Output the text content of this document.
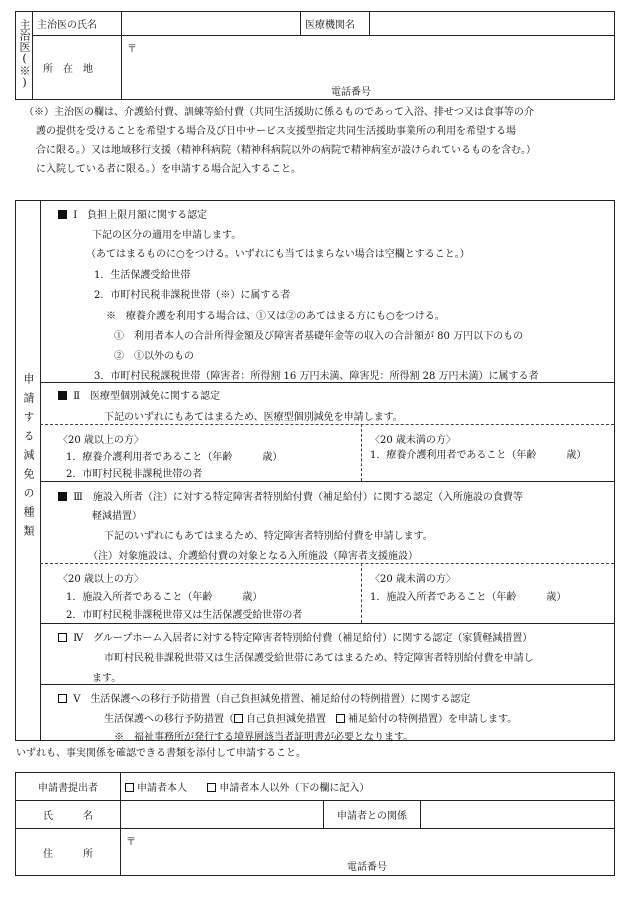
主治医(※)	主治医の氏名		医療機関名	
	所　在　地	〒
電話番号		
（※）主治医の欄は、介護給付費、訓練等給付費（共同生活援助に係るものであって入浴、排せつ又は食事等の介
護の提供を受けることを希望する場合及び日中サービス支援型指定共同生活援助事業所の利用を希望する場
合に限る。）又は地域移行支援（精神科病院（精神科病院以外の病院で精神病室が設けられているものを含む。）
に入院している者に限る。）を申請する場合記入すること。
申請する減免の種類
Ⅰ　負担上限月額に関する認定
下記の区分の適用を申請します。
（あてはまるものに○をつける。いずれにも当てはまらない場合は空欄とすること。）
1．生活保護受給世帯
2．市町村民税非課税世帯（※）に属する者
※　療養介護を利用する場合は、①又は②のあてはまる方にも○をつける。
①　利用者本人の合計所得金額及び障害者基礎年金等の収入の合計額が 80 万円以下のもの
②　①以外のもの
3．市町村民税課税世帯（障害者：所得割 16 万円未満、障害児：所得割 28 万円未満）に属する者
Ⅱ　医療型個別減免に関する認定
下記のいずれにもあてはまるため、医療型個別減免を申請します。
〈20 歳以上の方〉
1．療養介護利用者であること（年齢　　　歳）
2．市町村民税非課税世帯の者
〈20 歳未満の方〉
1．療養介護利用者であること（年齢　　　歳）
Ⅲ　施設入所者（注）に対する特定障害者特別給付費（補足給付）に関する認定（入所施設の食費等
軽減措置）
下記のいずれにもあてはまるため、特定障害者特別給付費を申請します。
（注）対象施設は、介護給付費の対象となる入所施設（障害者支援施設）
〈20 歳以上の方〉
1．施設入所者であること（年齢　　　歳）
2．市町村民税非課税世帯又は生活保護受給世帯の者
〈20 歳未満の方〉
1．施設入所者であること（年齢　　　歳）
Ⅳ　グループホーム入居者に対する特定障害者特別給付費（補足給付）に関する認定（家賃軽減措置）
市町村民税非課税世帯又は生活保護受給世帯にあてはまるため、特定障害者特別給付費を申請し
ます。
Ⅴ　生活保護への移行予防措置（自己負担減免措置、補足給付の特例措置）に関する認定
生活保護への移行予防措置（ 自己負担減免措置　補足給付の特例措置）を申請します。
※　福祉事務所が発行する境界層該当者証明書が必要となります。
いずれも、事実関係を確認できる書類を添付して申請すること。
申請書提出者	申請者本人 申請者本人以外（下の欄に記入）		
氏　　　名		申請者との関係	
住　　　所	〒
電話番号		
